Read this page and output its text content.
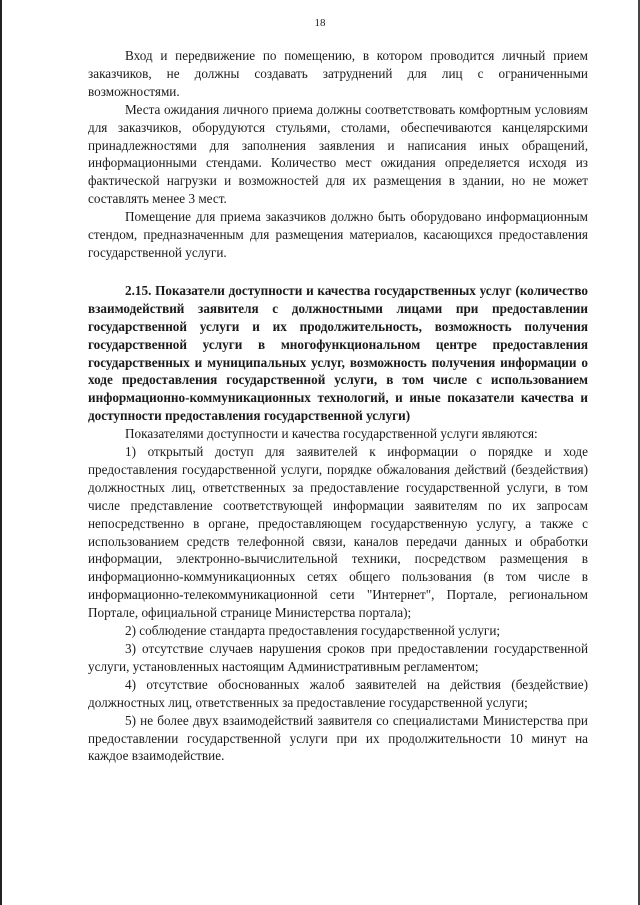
18

Вход и передвижение по помещению, в котором проводится личный прием заказчиков, не должны создавать затруднений для лиц с ограниченными возможностями.

Места ожидания личного приема должны соответствовать комфортным условиям для заказчиков, оборудуются стульями, столами, обеспечиваются канцелярскими принадлежностями для заполнения заявления и написания иных обращений, информационными стендами. Количество мест ожидания определяется исходя из фактической нагрузки и возможностей для их размещения в здании, но не может составлять менее 3 мест.

Помещение для приема заказчиков должно быть оборудовано информационным стендом, предназначенным для размещения материалов, касающихся предоставления государственной услуги.

2.15. Показатели доступности и качества государственных услуг (количество взаимодействий заявителя с должностными лицами при предоставлении государственной услуги и их продолжительность, возможность получения государственной услуги в многофункциональном центре предоставления государственных и муниципальных услуг, возможность получения информации о ходе предоставления государственной услуги, в том числе с использованием информационно-коммуникационных технологий, и иные показатели качества и доступности предоставления государственной услуги)

Показателями доступности и качества государственной услуги являются:

1) открытый доступ для заявителей к информации о порядке и ходе предоставления государственной услуги, порядке обжалования действий (бездействия) должностных лиц, ответственных за предоставление государственной услуги, в том числе представление соответствующей информации заявителям по их запросам непосредственно в органе, предоставляющем государственную услугу, а также с использованием средств телефонной связи, каналов передачи данных и обработки информации, электронно-вычислительной техники, посредством размещения в информационно-коммуникационных сетях общего пользования (в том числе в информационно-телекоммуникационной сети "Интернет", Портале, региональном Портале, официальной странице Министерства портала);

2) соблюдение стандарта предоставления государственной услуги;

3) отсутствие случаев нарушения сроков при предоставлении государственной услуги, установленных настоящим Административным регламентом;

4) отсутствие обоснованных жалоб заявителей на действия (бездействие) должностных лиц, ответственных за предоставление государственной услуги;

5) не более двух взаимодействий заявителя со специалистами Министерства при предоставлении государственной услуги при их продолжительности 10 минут на каждое взаимодействие.
